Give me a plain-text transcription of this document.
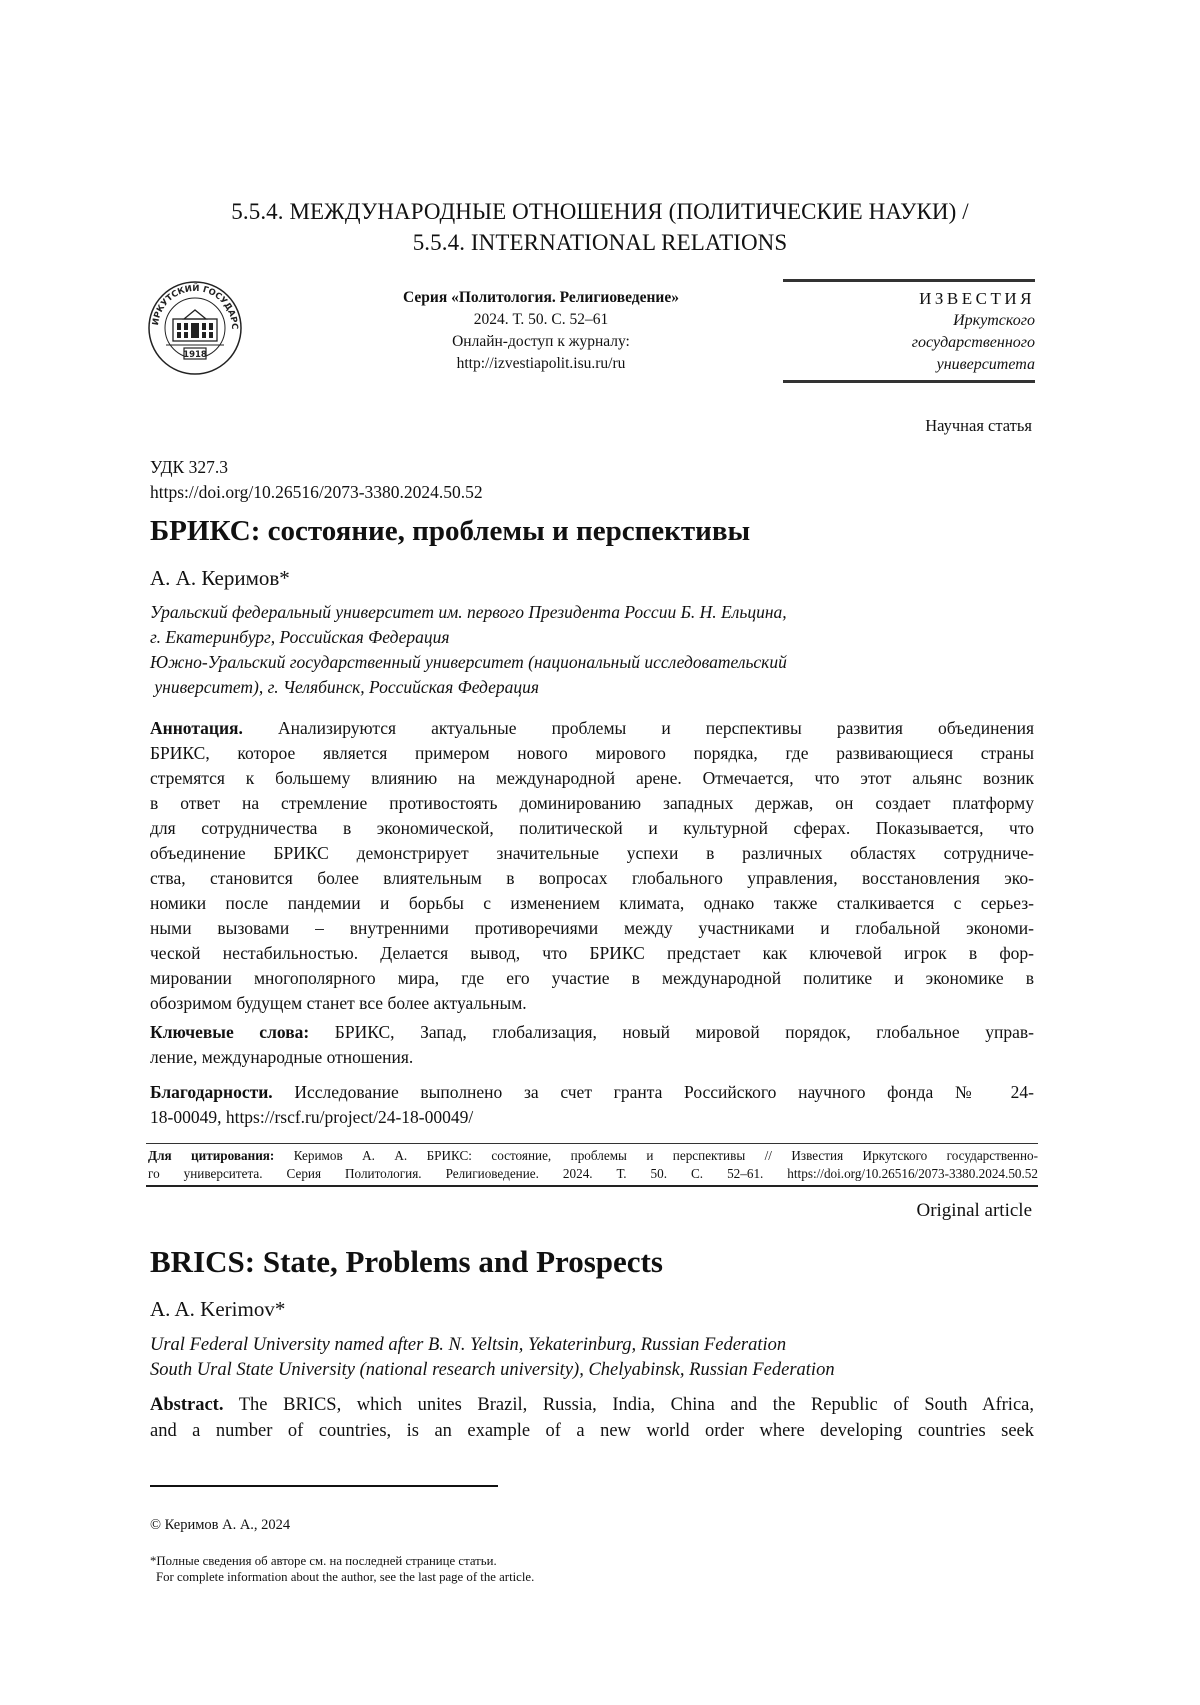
5.5.4. МЕЖДУНАРОДНЫЕ ОТНОШЕНИЯ (ПОЛИТИЧЕСКИЕ НАУКИ) /
5.5.4. INTERNATIONAL RELATIONS
ИРКУТСКИЙ ГОСУДАРС
1918
Серия «Политология. Религиоведение»
2024. Т. 50. С. 52–61
Онлайн-доступ к журналу:
http://izvestiapolit.isu.ru/ru
ИЗВЕСТИЯ
Иркутского
государственного
университета
Научная статья
УДК 327.3
https://doi.org/10.26516/2073-3380.2024.50.52
БРИКС: состояние, проблемы и перспективы
А. А. Керимов*
Уральский федеральный университет им. первого Президента России Б. Н. Ельцина,
г. Екатеринбург, Российская Федерация
Южно-Уральский государственный университет (национальный исследовательский
университет), г. Челябинск, Российская Федерация
Аннотация. Анализируются актуальные проблемы и перспективы развития объединения
БРИКС, которое является примером нового мирового порядка, где развивающиеся страны
стремятся к большему влиянию на международной арене. Отмечается, что этот альянс возник
в ответ на стремление противостоять доминированию западных держав, он создает платформу
для сотрудничества в экономической, политической и культурной сферах. Показывается, что
объединение БРИКС демонстрирует значительные успехи в различных областях сотрудниче-
ства, становится более влиятельным в вопросах глобального управления, восстановления эко-
номики после пандемии и борьбы с изменением климата, однако также сталкивается с серьез-
ными вызовами – внутренними противоречиями между участниками и глобальной экономи-
ческой нестабильностью. Делается вывод, что БРИКС предстает как ключевой игрок в фор-
мировании многополярного мира, где его участие в международной политике и экономике в
обозримом будущем станет все более актуальным.
Ключевые слова: БРИКС, Запад, глобализация, новый мировой порядок, глобальное управ-
ление, международные отношения.
Благодарности. Исследование выполнено за счет гранта Российского научного фонда № 24-
18-00049, https://rscf.ru/project/24-18-00049/
Для цитирования: Керимов А. А. БРИКС: состояние, проблемы и перспективы // Известия Иркутского государственно-
го университета. Серия Политология. Религиоведение. 2024. Т. 50. С. 52–61. https://doi.org/10.26516/2073-3380.2024.50.52
Original article
BRICS: State, Problems and Prospects
A. A. Kerimov*
Ural Federal University named after B. N. Yeltsin, Yekaterinburg, Russian Federation
South Ural State University (national research university), Chelyabinsk, Russian Federation
Abstract. The BRICS, which unites Brazil, Russia, India, China and the Republic of South Africa,
and a number of countries, is an example of a new world order where developing countries seek
© Керимов А. А., 2024
*Полные сведения об авторе см. на последней странице статьи.
For complete information about the author, see the last page of the article.
